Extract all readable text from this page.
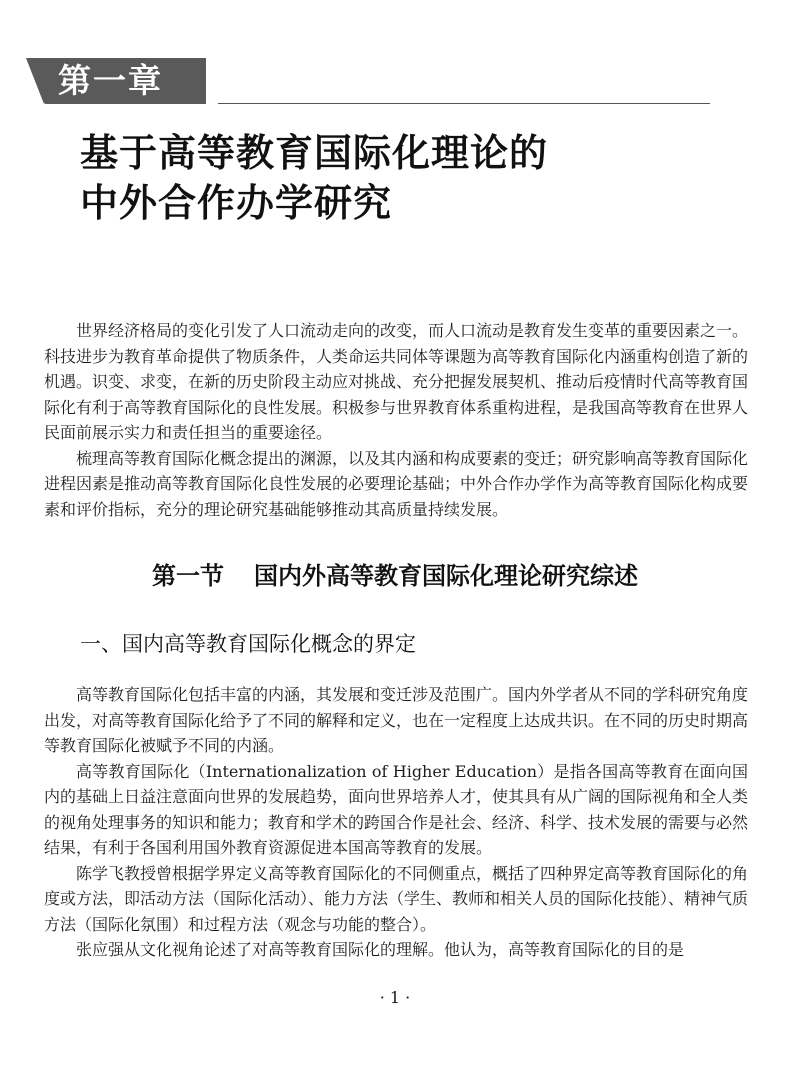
第一章
基于高等教育国际化理论的
中外合作办学研究

世界经济格局的变化引发了人口流动走向的改变，而人口流动是教育发生变革的重要因素之一。科技进步为教育革命提供了物质条件，人类命运共同体等课题为高等教育国际化内涵重构创造了新的机遇。识变、求变，在新的历史阶段主动应对挑战、充分把握发展契机、推动后疫情时代高等教育国际化有利于高等教育国际化的良性发展。积极参与世界教育体系重构进程，是我国高等教育在世界人民面前展示实力和责任担当的重要途径。

梳理高等教育国际化概念提出的渊源，以及其内涵和构成要素的变迁；研究影响高等教育国际化进程因素是推动高等教育国际化良性发展的必要理论基础；中外合作办学作为高等教育国际化构成要素和评价指标，充分的理论研究基础能够推动其高质量持续发展。

第一节 国内外高等教育国际化理论研究综述
一、国内高等教育国际化概念的界定

高等教育国际化包括丰富的内涵，其发展和变迁涉及范围广。国内外学者从不同的学科研究角度出发，对高等教育国际化给予了不同的解释和定义，也在一定程度上达成共识。在不同的历史时期高等教育国际化被赋予不同的内涵。

高等教育国际化（Internationalization of Higher Education）是指各国高等教育在面向国内的基础上日益注意面向世界的发展趋势，面向世界培养人才，使其具有从广阔的国际视角和全人类的视角处理事务的知识和能力；教育和学术的跨国合作是社会、经济、科学、技术发展的需要与必然结果，有利于各国利用国外教育资源促进本国高等教育的发展。

陈学飞教授曾根据学界定义高等教育国际化的不同侧重点，概括了四种界定高等教育国际化的角度或方法，即活动方法（国际化活动）、能力方法（学生、教师和相关人员的国际化技能）、精神气质方法（国际化氛围）和过程方法（观念与功能的整合）。

张应强从文化视角论述了对高等教育国际化的理解。他认为，高等教育国际化的目的是

· 1 ·
